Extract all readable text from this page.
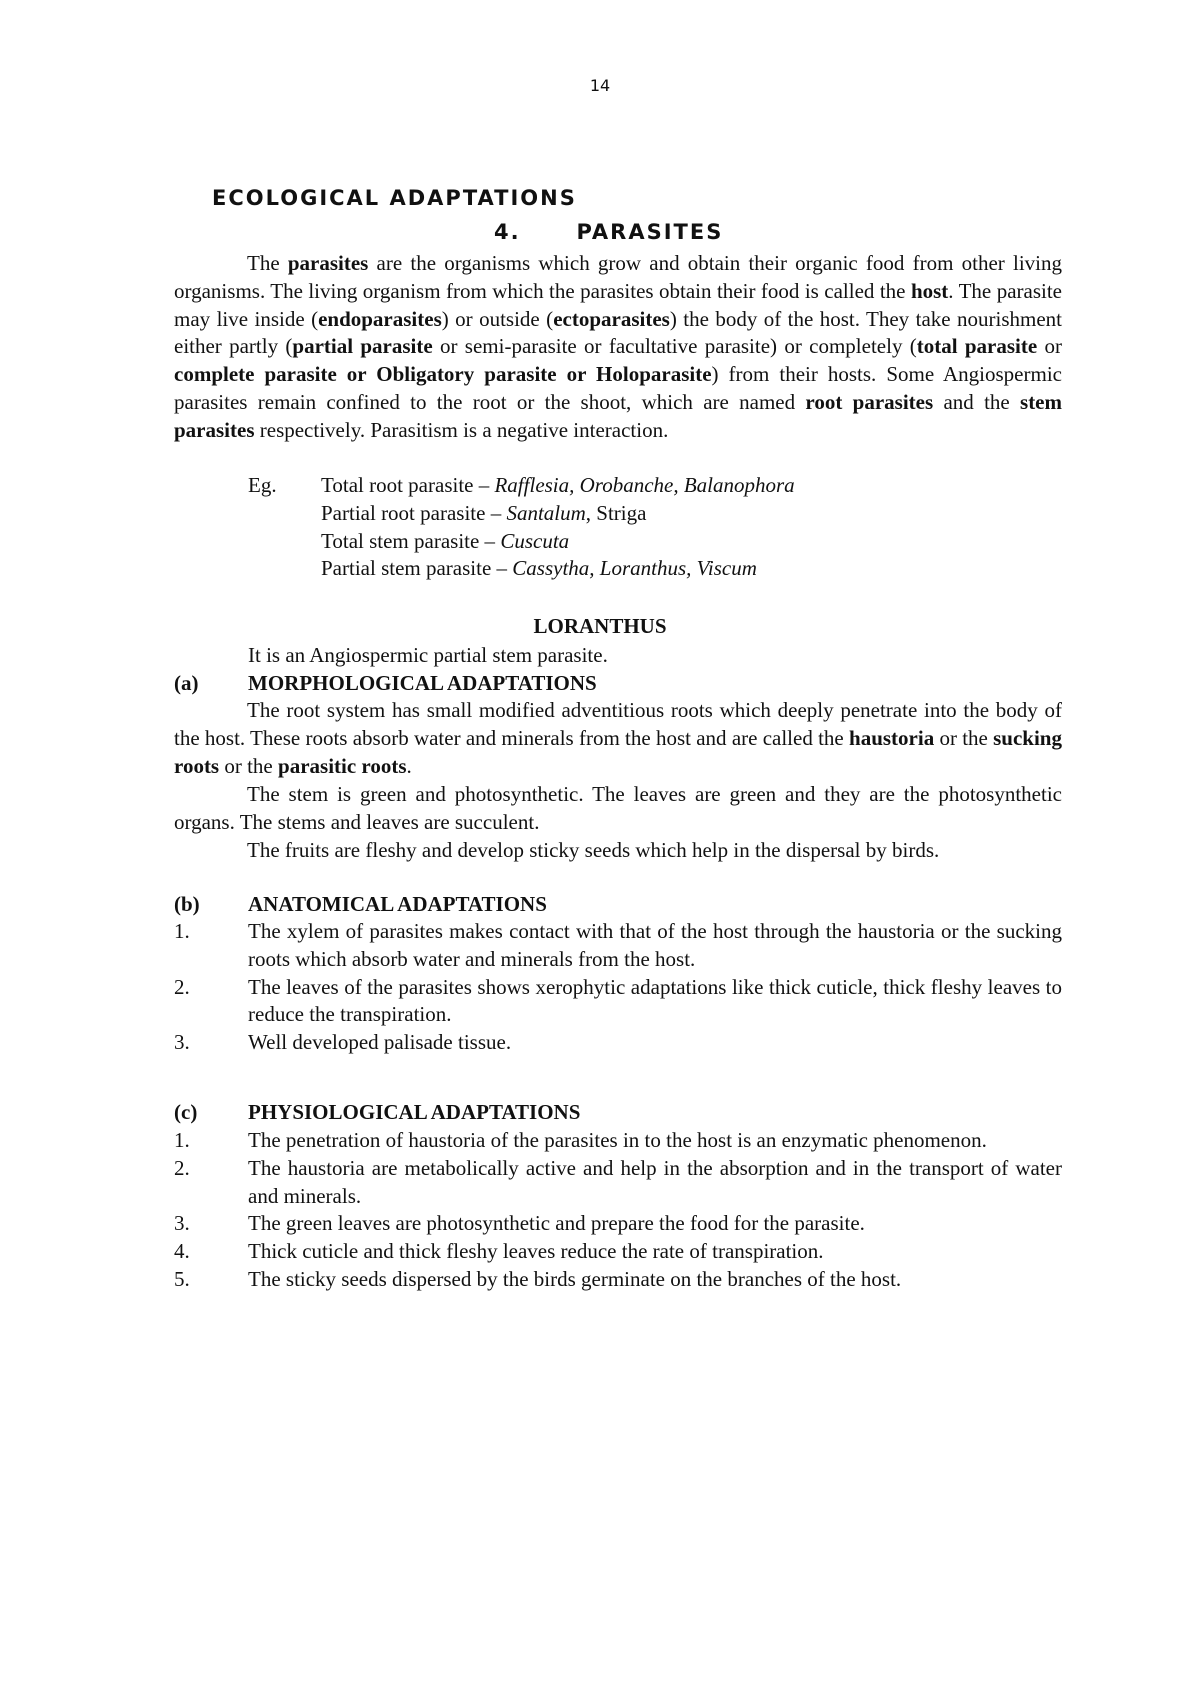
14
ECOLOGICAL ADAPTATIONS
4.      PARASITES
The parasites are the organisms which grow and obtain their organic food from other living organisms. The living organism from which the parasites obtain their food is called the host. The parasite may live inside (endoparasites) or outside (ectoparasites) the body of the host. They take nourishment either partly (partial parasite or semi-parasite or facultative parasite) or completely (total parasite or complete parasite or Obligatory parasite or Holoparasite) from their hosts. Some Angiospermic parasites remain confined to the root or the shoot, which are named root parasites and the stem parasites respectively. Parasitism is a negative interaction.
Eg.	Total root parasite – Rafflesia, Orobanche, Balanophora
Partial root parasite – Santalum, Striga
Total stem parasite – Cuscuta
Partial stem parasite – Cassytha, Loranthus, Viscum
LORANTHUS
It is an Angiospermic partial stem parasite.
(a)	MORPHOLOGICAL ADAPTATIONS
The root system has small modified adventitious roots which deeply penetrate into the body of the host. These roots absorb water and minerals from the host and are called the haustoria or the sucking roots or the parasitic roots.
The stem is green and photosynthetic. The leaves are green and they are the photosynthetic organs. The stems and leaves are succulent.
The fruits are fleshy and develop sticky seeds which help in the dispersal by birds.
(b)	ANATOMICAL ADAPTATIONS
1.	The xylem of parasites makes contact with that of the host through the haustoria or the sucking roots which absorb water and minerals from the host.
2.	The leaves of the parasites shows xerophytic adaptations like thick cuticle, thick fleshy leaves to reduce the transpiration.
3.	Well developed palisade tissue.
(c)	PHYSIOLOGICAL ADAPTATIONS
1.	The penetration of haustoria of the parasites in to the host is an enzymatic phenomenon.
2.	The haustoria are metabolically active and help in the absorption and in the transport of water and minerals.
3.	The green leaves are photosynthetic and prepare the food for the parasite.
4.	Thick cuticle and thick fleshy leaves reduce the rate of transpiration.
5.	The sticky seeds dispersed by the birds germinate on the branches of the host.
